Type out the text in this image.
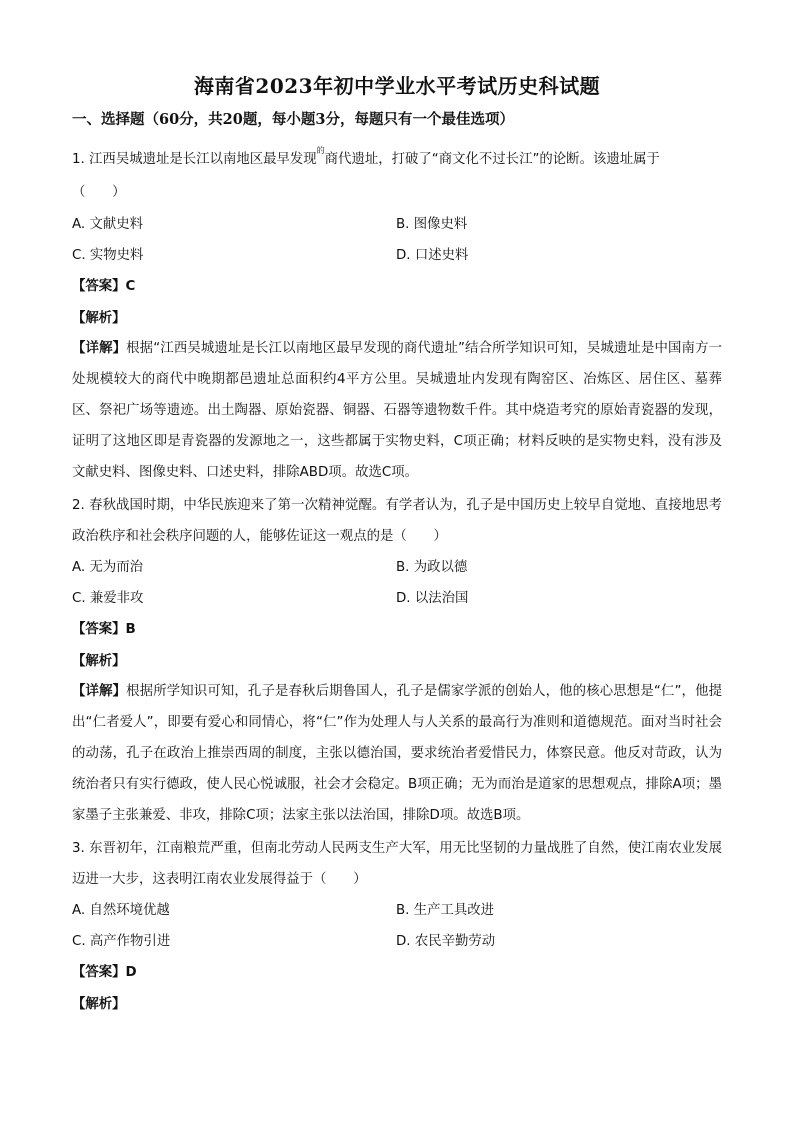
海南省2023年初中学业水平考试历史科试题
一、选择题（60分，共20题，每小题3分，每题只有一个最佳选项）
1. 江西吴城遗址是长江以南地区最早发现$^的$商代遗址，打破了“商文化不过长江”的论断。该遗址属于
（　　）
A. 文献史料	B. 图像史料
C. 实物史料	D. 口述史料
【答案】C
【解析】
【详解】根据“江西吴城遗址是长江以南地区最早发现的商代遗址”结合所学知识可知，吴城遗址是中国南方一处规模较大的商代中晚期都邑遗址总面积约4平方公里。吴城遗址内发现有陶窑区、冶炼区、居住区、墓葬区、祭祀广场等遗迹。出土陶器、原始瓷器、铜器、石器等遗物数千件。其中烧造考究的原始青瓷器的发现，证明了这地区即是青瓷器的发源地之一，这些都属于实物史料，C项正确；材料反映的是实物史料，没有涉及文献史料、图像史料、口述史料，排除ABD项。故选C项。
2. 春秋战国时期，中华民族迎来了第一次精神觉醒。有学者认为，孔子是中国历史上较早自觉地、直接地思考政治秩序和社会秩序问题的人，能够佐证这一观点的是（　　）
A. 无为而治	B. 为政以德
C. 兼爱非攻	D. 以法治国
【答案】B
【解析】
【详解】根据所学知识可知，孔子是春秋后期鲁国人，孔子是儒家学派的创始人，他的核心思想是“仁”，他提出“仁者爱人”，即要有爱心和同情心，将“仁”作为处理人与人关系的最高行为准则和道德规范。面对当时社会的动荡，孔子在政治上推崇西周的制度，主张以德治国，要求统治者爱惜民力，体察民意。他反对苛政，认为统治者只有实行德政，使人民心悦诚服，社会才会稳定。B项正确；无为而治是道家的思想观点，排除A项；墨家墨子主张兼爱、非攻，排除C项；法家主张以法治国，排除D项。故选B项。
3. 东晋初年，江南粮荒严重，但南北劳动人民两支生产大军，用无比坚韧的力量战胜了自然，使江南农业发展迈进一大步，这表明江南农业发展得益于（　　）
A. 自然环境优越	B. 生产工具改进
C. 高产作物引进	D. 农民辛勤劳动
【答案】D
【解析】
